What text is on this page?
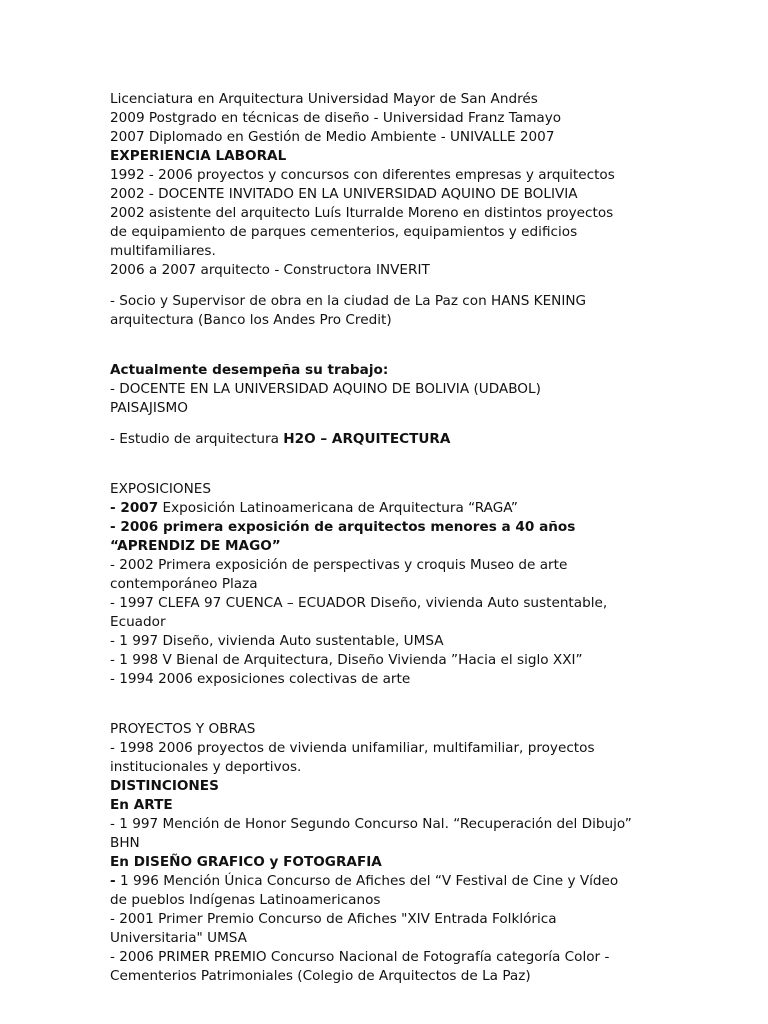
Licenciatura en Arquitectura Universidad Mayor de San Andrés
2009 Postgrado en técnicas de diseño - Universidad Franz Tamayo
2007 Diplomado en Gestión de Medio Ambiente - UNIVALLE 2007
EXPERIENCIA LABORAL
1992 - 2006 proyectos y concursos con diferentes empresas y arquitectos
2002 - DOCENTE INVITADO EN LA UNIVERSIDAD AQUINO DE BOLIVIA
2002 asistente del arquitecto Luís Iturralde Moreno en distintos proyectos
de equipamiento de parques cementerios, equipamientos y edificios
multifamiliares.
2006 a 2007 arquitecto - Constructora INVERIT
- Socio y Supervisor de obra en la ciudad de La Paz con HANS KENING
arquitectura (Banco los Andes Pro Credit)
Actualmente desempeña su trabajo:
- DOCENTE EN LA UNIVERSIDAD AQUINO DE BOLIVIA (UDABOL)
PAISAJISMO
- Estudio de arquitectura H2O – ARQUITECTURA
EXPOSICIONES
- 2007 Exposición Latinoamericana de Arquitectura “RAGA”
- 2006 primera exposición de arquitectos menores a 40 años
“APRENDIZ DE MAGO”
- 2002 Primera exposición de perspectivas y croquis Museo de arte
contemporáneo Plaza
- 1997 CLEFA 97 CUENCA – ECUADOR Diseño, vivienda Auto sustentable,
Ecuador
- 1 997 Diseño, vivienda Auto sustentable, UMSA
- 1 998 V Bienal de Arquitectura, Diseño Vivienda ”Hacia el siglo XXI”
- 1994 2006 exposiciones colectivas de arte
PROYECTOS Y OBRAS
- 1998 2006 proyectos de vivienda unifamiliar, multifamiliar, proyectos
institucionales y deportivos.
DISTINCIONES
En ARTE
- 1 997 Mención de Honor Segundo Concurso Nal. “Recuperación del Dibujo”
BHN
En DISEÑO GRAFICO y FOTOGRAFIA
- 1 996 Mención Única Concurso de Afiches del “V Festival de Cine y Vídeo
de pueblos Indígenas Latinoamericanos
- 2001 Primer Premio Concurso de Afiches "XIV Entrada Folklórica
Universitaria" UMSA
- 2006 PRIMER PREMIO Concurso Nacional de Fotografía categoría Color -
Cementerios Patrimoniales (Colegio de Arquitectos de La Paz)
